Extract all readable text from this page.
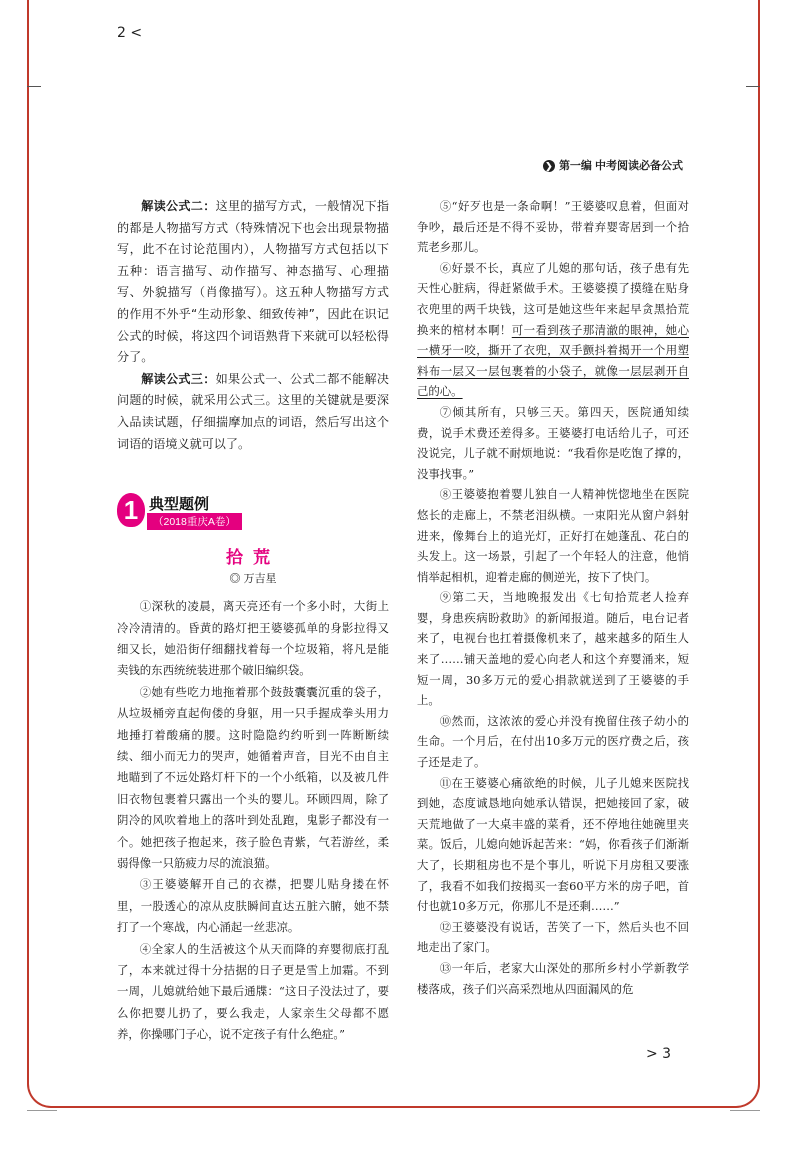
2 <
❯ 第一编 中考阅读必备公式

解读公式二：这里的描写方式，一般情况下指的都是人物描写方式（特殊情况下也会出现景物描写，此不在讨论范围内），人物描写方式包括以下五种：语言描写、动作描写、神态描写、心理描写、外貌描写（肖像描写）。这五种人物描写方式的作用不外乎“生动形象、细致传神”，因此在识记公式的时候，将这四个词语熟背下来就可以轻松得分了。

解读公式三：如果公式一、公式二都不能解决问题的时候，就采用公式三。这里的关键就是要深入品读试题，仔细揣摩加点的词语，然后写出这个词语的语境义就可以了。

1 典型题例
（2018重庆A卷）
拾荒
◎ 万吉星

①深秋的凌晨，离天亮还有一个多小时，大街上冷冷清清的。昏黄的路灯把王婆婆孤单的身影拉得又细又长，她沿街仔细翻找着每一个垃圾箱，将凡是能卖钱的东西统统装进那个破旧编织袋。

②她有些吃力地拖着那个鼓鼓囊囊沉重的袋子，从垃圾桶旁直起佝偻的身躯，用一只手握成拳头用力地捶打着酸痛的腰。这时隐隐约约听到一阵断断续续、细小而无力的哭声，她循着声音，目光不由自主地瞄到了不远处路灯杆下的一个小纸箱，以及被几件旧衣物包裹着只露出一个头的婴儿。环顾四周，除了阴冷的风吹着地上的落叶到处乱跑，鬼影子都没有一个。她把孩子抱起来，孩子脸色青紫，气若游丝，柔弱得像一只筋疲力尽的流浪猫。

③王婆婆解开自己的衣襟，把婴儿贴身搂在怀里，一股透心的凉从皮肤瞬间直达五脏六腑，她不禁打了一个寒战，内心涌起一丝悲凉。

④全家人的生活被这个从天而降的弃婴彻底打乱了，本来就过得十分拮据的日子更是雪上加霜。不到一周，儿媳就给她下最后通牒：“这日子没法过了，要么你把婴儿扔了，要么我走，人家亲生父母都不愿养，你操哪门子心，说不定孩子有什么绝症。”

⑤“好歹也是一条命啊！”王婆婆叹息着，但面对争吵，最后还是不得不妥协，带着弃婴寄居到一个拾荒老乡那儿。

⑥好景不长，真应了儿媳的那句话，孩子患有先天性心脏病，得赶紧做手术。王婆婆摸了摸缝在贴身衣兜里的两千块钱，这可是她这些年来起早贪黑拾荒换来的棺材本啊！可一看到孩子那清澈的眼神，她心一横牙一咬，撕开了衣兜，双手颤抖着揭开一个用塑料布一层又一层包裹着的小袋子，就像一层层剥开自己的心。

⑦倾其所有，只够三天。第四天，医院通知续费，说手术费还差得多。王婆婆打电话给儿子，可还没说完，儿子就不耐烦地说：“我看你是吃饱了撑的，没事找事。”

⑧王婆婆抱着婴儿独自一人精神恍惚地坐在医院悠长的走廊上，不禁老泪纵横。一束阳光从窗户斜射进来，像舞台上的追光灯，正好打在她蓬乱、花白的头发上。这一场景，引起了一个年轻人的注意，他悄悄举起相机，迎着走廊的侧逆光，按下了快门。

⑨第二天，当地晚报发出《七旬拾荒老人捡弃婴，身患疾病盼救助》的新闻报道。随后，电台记者来了，电视台也扛着摄像机来了，越来越多的陌生人来了……铺天盖地的爱心向老人和这个弃婴涌来，短短一周，30多万元的爱心捐款就送到了王婆婆的手上。

⑩然而，这浓浓的爱心并没有挽留住孩子幼小的生命。一个月后，在付出10多万元的医疗费之后，孩子还是走了。

⑪在王婆婆心痛欲绝的时候，儿子儿媳来医院找到她，态度诚恳地向她承认错误，把她接回了家，破天荒地做了一大桌丰盛的菜肴，还不停地往她碗里夹菜。饭后，儿媳向她诉起苦来：“妈，你看孩子们渐渐大了，长期租房也不是个事儿，听说下月房租又要涨了，我看不如我们按揭买一套60平方米的房子吧，首付也就10多万元，你那儿不是还剩……”

⑫王婆婆没有说话，苦笑了一下，然后头也不回地走出了家门。

⑬一年后，老家大山深处的那所乡村小学新教学楼落成，孩子们兴高采烈地从四面漏风的危

> 3
